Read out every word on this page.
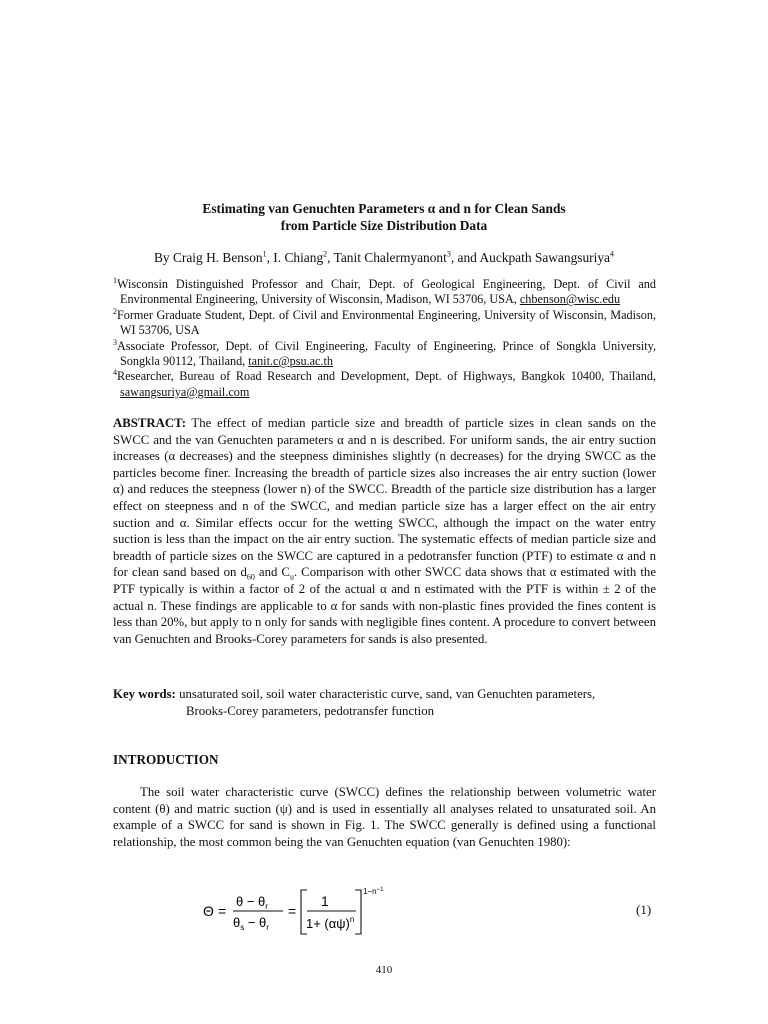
Estimating van Genuchten Parameters α and n for Clean Sands
from Particle Size Distribution Data
By Craig H. Benson$^1$, I. Chiang$^2$, Tanit Chalermyanont$^3$, and Auckpath Sawangsuriya$^4$

$^1$Wisconsin Distinguished Professor and Chair, Dept. of Geological Engineering, Dept. of Civil and Environmental Engineering, University of Wisconsin, Madison, WI 53706, USA, chbenson@wisc.edu

$^2$Former Graduate Student, Dept. of Civil and Environmental Engineering, University of Wisconsin, Madison, WI 53706, USA

$^3$Associate Professor, Dept. of Civil Engineering, Faculty of Engineering, Prince of Songkla University, Songkla 90112, Thailand, tanit.c@psu.ac.th

$^4$Researcher, Bureau of Road Research and Development, Dept. of Highways, Bangkok 10400, Thailand, sawangsuriya@gmail.com

ABSTRACT: The effect of median particle size and breadth of particle sizes in clean sands on the SWCC and the van Genuchten parameters α and n is described. For uniform sands, the air entry suction increases (α decreases) and the steepness diminishes slightly (n decreases) for the drying SWCC as the particles become finer. Increasing the breadth of particle sizes also increases the air entry suction (lower α) and reduces the steepness (lower n) of the SWCC. Breadth of the particle size distribution has a larger effect on steepness and n of the SWCC, and median particle size has a larger effect on the air entry suction and α. Similar effects occur for the wetting SWCC, although the impact on the water entry suction is less than the impact on the air entry suction. The systematic effects of median particle size and breadth of particle sizes on the SWCC are captured in a pedotransfer function (PTF) to estimate α and n for clean sand based on $d_{60}$ and $C_u$. Comparison with other SWCC data shows that α estimated with the PTF typically is within a factor of 2 of the actual α and n estimated with the PTF is within ± 2 of the actual n. These findings are applicable to α for sands with non-plastic fines provided the fines content is less than 20%, but apply to n only for sands with negligible fines content. A procedure to convert between van Genuchten and Brooks-Corey parameters for sands is also presented.

Key words: unsaturated soil, soil water characteristic curve, sand, van Genuchten parameters,
Brooks-Corey parameters, pedotransfer function
INTRODUCTION

The soil water characteristic curve (SWCC) defines the relationship between volumetric water content (θ) and matric suction (ψ) and is used in essentially all analyses related to unsaturated soil. An example of a SWCC for sand is shown in Fig. 1. The SWCC generally is defined using a functional relationship, the most common being the van Genuchten equation (van Genuchten 1980):

Θ =
$\theta - \theta_r$
$\theta_s - \theta_r$
=
1
$1+ (\alpha\psi)^n$
$1-n^{-1}$
(1)
410
